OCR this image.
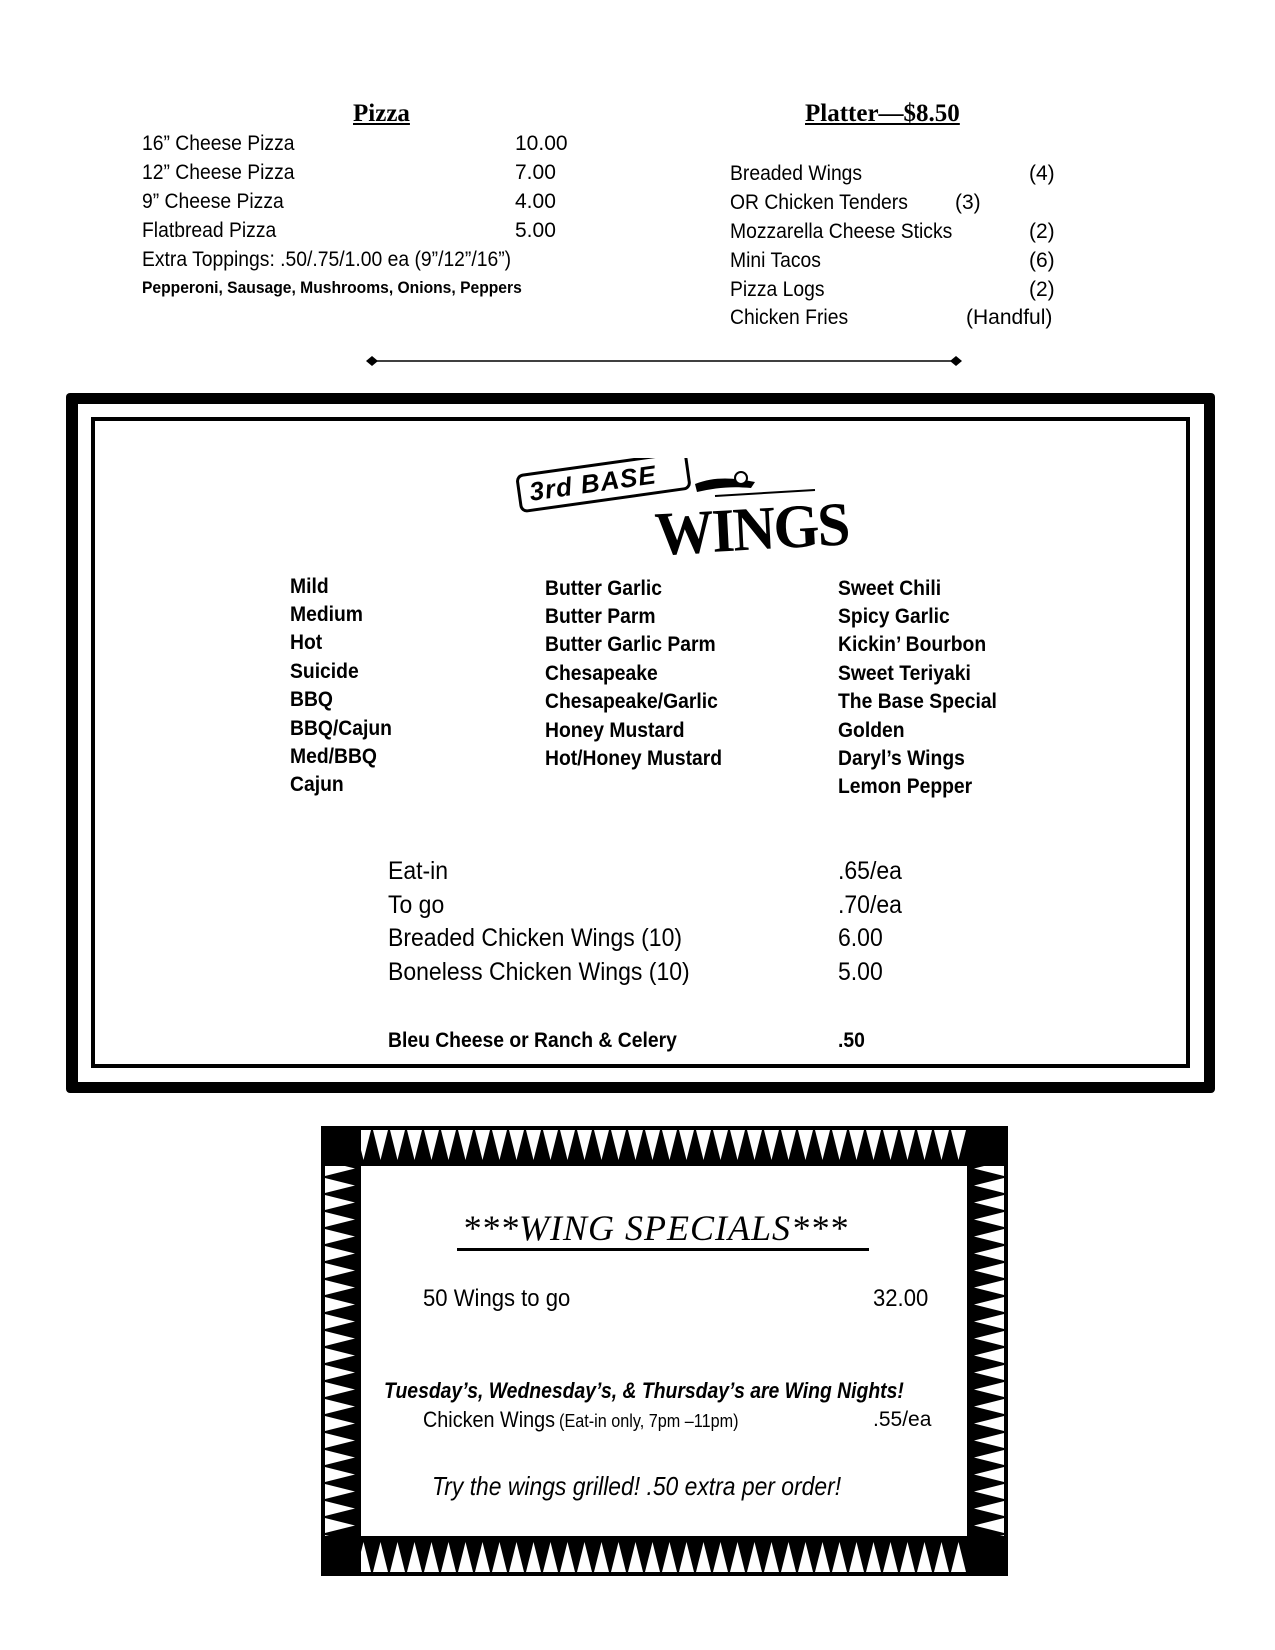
Pizza
16” Cheese Pizza	10.00
12” Cheese Pizza	7.00
9” Cheese Pizza	4.00
Flatbread Pizza	5.00
Extra Toppings: .50/.75/1.00 ea (9”/12”/16”)
Pepperoni, Sausage, Mushrooms, Onions, Peppers
Platter—$8.50
Breaded Wings	(4)
OR Chicken Tenders (3)
Mozzarella Cheese Sticks	(2)
Mini Tacos	(6)
Pizza Logs	(2)
Chicken Fries	(Handful)
3rd BASE
WINGS
Mild
Medium
Hot
Suicide
BBQ
BBQ/Cajun
Med/BBQ
Cajun
Butter Garlic
Butter Parm
Butter Garlic Parm
Chesapeake
Chesapeake/Garlic
Honey Mustard
Hot/Honey Mustard
Sweet Chili
Spicy Garlic
Kickin’ Bourbon
Sweet Teriyaki
The Base Special
Golden
Daryl’s Wings
Lemon Pepper
Eat-in	.65/ea
To go	.70/ea
Breaded Chicken Wings (10)	6.00
Boneless Chicken Wings (10)	5.00
Bleu Cheese or Ranch & Celery	.50
***WING SPECIALS***
50 Wings to go	32.00
Tuesday’s, Wednesday’s, & Thursday’s are Wing Nights!
Chicken Wings (Eat-in only, 7pm –11pm)	.55/ea
Try the wings grilled! .50 extra per order!
